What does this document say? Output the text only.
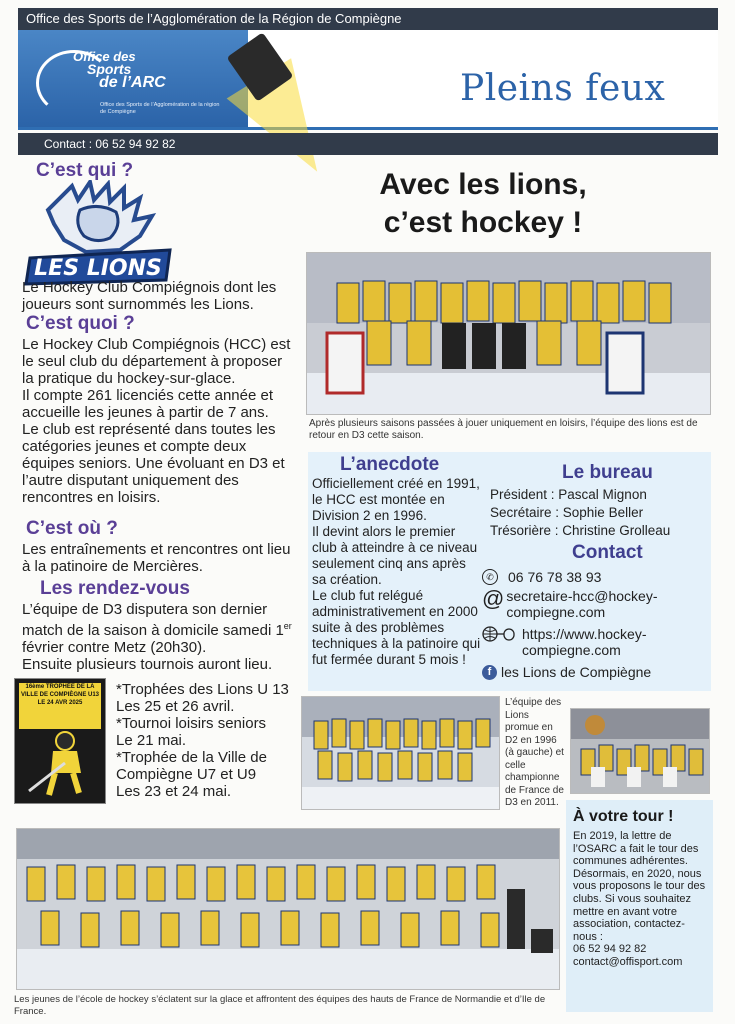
Office des Sports de l’Agglomération de la Région de Compiègne
Office des
Sports
de l’ARC
Office des Sports de l’Agglomération de la région de Compiègne
Pleins feux
Contact : 06 52 94 92 82
C’est qui ?
LES LIONS
Le Hockey Club Compiégnois dont les joueurs sont surnommés les Lions.
C’est quoi ?
Le Hockey Club Compiégnois (HCC) est le seul club du département à proposer la pratique du hockey-sur-glace.
Il compte 261 licenciés cette année et accueille les jeunes à partir de 7 ans.
Le club est représenté dans toutes les catégories jeunes et compte deux équipes seniors. Une évoluant en D3 et l’autre disputant uniquement des rencontres en loisirs.
C’est où ?
Les entraînements et rencontres ont lieu à la patinoire de Mercières.
Les rendez-vous
L’équipe de D3 disputera son dernier match de la saison à domicile samedi 1er février contre Metz (20h30).
Ensuite plusieurs tournois auront lieu.
16ème TROPHÉE DE LA
VILLE DE COMPIÈGNE U13
LE 24 AVR 2025
*Trophées des Lions U 13
Les 25 et 26 avril.
*Tournoi loisirs seniors
Le 21 mai.
*Trophée de la Ville de Compiègne U7 et U9
Les 23 et 24 mai.
Avec les lions,
c’est hockey !
Après plusieurs saisons passées à jouer uniquement en loisirs, l’équipe des lions est de retour en D3 cette saison.
L’anecdote
Officiellement créé en 1991, le HCC est montée en Division 2 en 1996.
Il devint alors le premier club à atteindre à ce niveau seulement cinq ans après sa création.
Le club fut relégué administrativement en 2000 suite à des problèmes techniques à la patinoire qui fut fermée durant 5 mois !
Le bureau
Président : Pascal Mignon
Secrétaire : Sophie Beller
Trésorière : Christine Grolleau
Contact
✆	06 76 78 38 93
@ secretaire-hcc@hockey-
compiegne.com
https://www.hockey-
compiegne.com
f les Lions de Compiègne
L’équipe des Lions promue en D2 en 1996 (à gauche) et celle championne de France de D3 en 2011.
À votre tour !
En 2019, la lettre de l’OSARC a fait le tour des communes adhérentes. Désormais, en 2020, nous vous proposons le tour des clubs. Si vous souhaitez mettre en avant votre association, contactez-nous :
06 52 94 92 82
contact@offisport.com
Les jeunes de l’école de hockey s’éclatent sur la glace et affrontent des équipes des hauts de France de Normandie et d’Ile de France.
